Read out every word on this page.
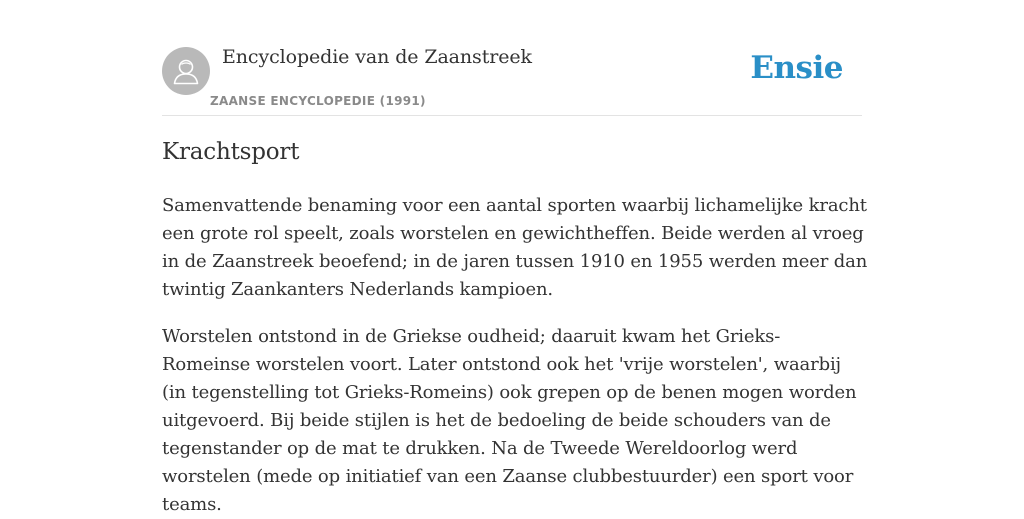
Encyclopedie van de Zaanstreek
ZAANSE ENCYCLOPEDIE (1991)
Ensie
Krachtsport

Samenvattende benaming voor een aantal sporten waarbij lichamelijke kracht een grote rol speelt, zoals worstelen en gewichtheffen. Beide werden al vroeg in de Zaanstreek beoefend; in de jaren tussen 1910 en 1955 werden meer dan twintig Zaankanters Nederlands kampioen.

Worstelen ontstond in de Griekse oudheid; daaruit kwam het Grieks-Romeinse worstelen voort. Later ontstond ook het 'vrije worstelen', waarbij (in tegenstelling tot Grieks-Romeins) ook grepen op de benen mogen worden uitgevoerd. Bij beide stijlen is het de bedoeling de beide schouders van de tegenstander op de mat te drukken. Na de Tweede Wereldoorlog werd worstelen (mede op initiatief van een Zaanse clubbestuurder) een sport voor teams.
